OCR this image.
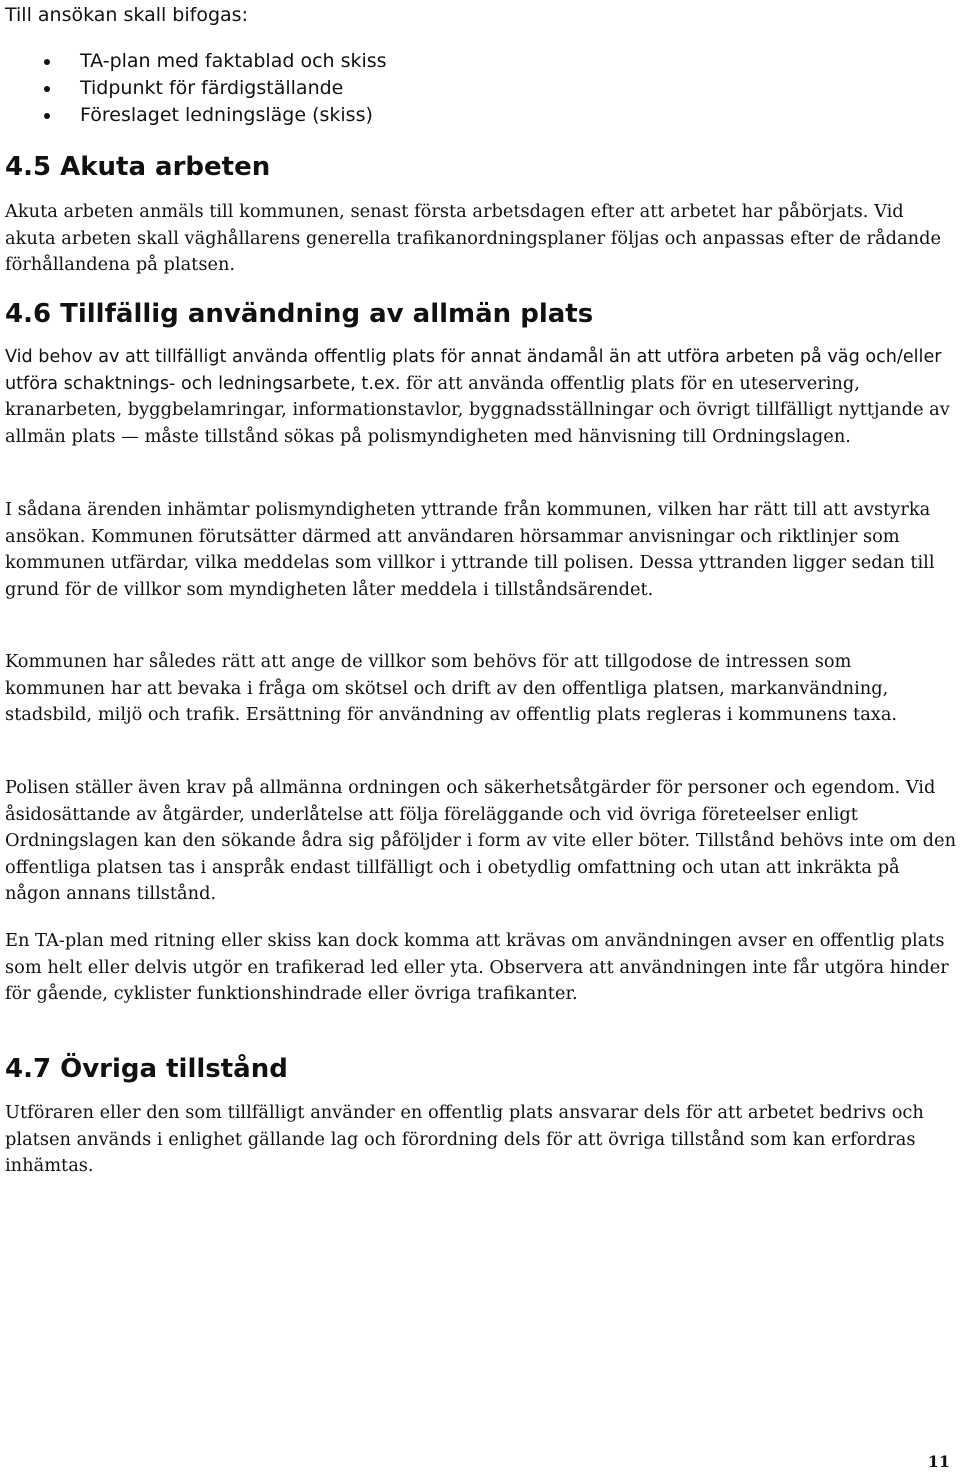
Till ansökan skall bifogas:
TA-plan med faktablad och skiss
Tidpunkt för färdigställande
Föreslaget ledningsläge (skiss)
4.5 Akuta arbeten

Akuta arbeten anmäls till kommunen, senast första arbetsdagen efter att arbetet har påbörjats. Vid akuta arbeten skall väghållarens generella trafikanordningsplaner följas och anpassas efter de rådande förhållandena på platsen.

4.6 Tillfällig användning av allmän plats

Vid behov av att tillfälligt använda offentlig plats för annat ändamål än att utföra arbeten på väg och/eller utföra schaktnings- och ledningsarbete, t.ex. för att använda offentlig plats för en uteservering, kranarbeten, byggbelamringar, informationstavlor, byggnadsställningar och övrigt tillfälligt nyttjande av allmän plats — måste tillstånd sökas på polismyndigheten med hänvisning till Ordningslagen.

I sådana ärenden inhämtar polismyndigheten yttrande från kommunen, vilken har rätt till att avstyrka ansökan. Kommunen förutsätter därmed att användaren hörsammar anvisningar och riktlinjer som kommunen utfärdar, vilka meddelas som villkor i yttrande till polisen. Dessa yttranden ligger sedan till grund för de villkor som myndigheten låter meddela i tillståndsärendet.

Kommunen har således rätt att ange de villkor som behövs för att tillgodose de intressen som kommunen har att bevaka i fråga om skötsel och drift av den offentliga platsen, markanvändning, stadsbild, miljö och trafik. Ersättning för användning av offentlig plats regleras i kommunens taxa.

Polisen ställer även krav på allmänna ordningen och säkerhetsåtgärder för personer och egendom. Vid åsidosättande av åtgärder, underlåtelse att följa föreläggande och vid övriga företeelser enligt Ordningslagen kan den sökande ådra sig påföljder i form av vite eller böter. Tillstånd behövs inte om den offentliga platsen tas i anspråk endast tillfälligt och i obetydlig omfattning och utan att inkräkta på någon annans tillstånd.

En TA-plan med ritning eller skiss kan dock komma att krävas om användningen avser en offentlig plats som helt eller delvis utgör en trafikerad led eller yta. Observera att användningen inte får utgöra hinder för gående, cyklister funktionshindrade eller övriga trafikanter.

4.7 Övriga tillstånd

Utföraren eller den som tillfälligt använder en offentlig plats ansvarar dels för att arbetet bedrivs och platsen används i enlighet gällande lag och förordning dels för att övriga tillstånd som kan erfordras inhämtas.

11
